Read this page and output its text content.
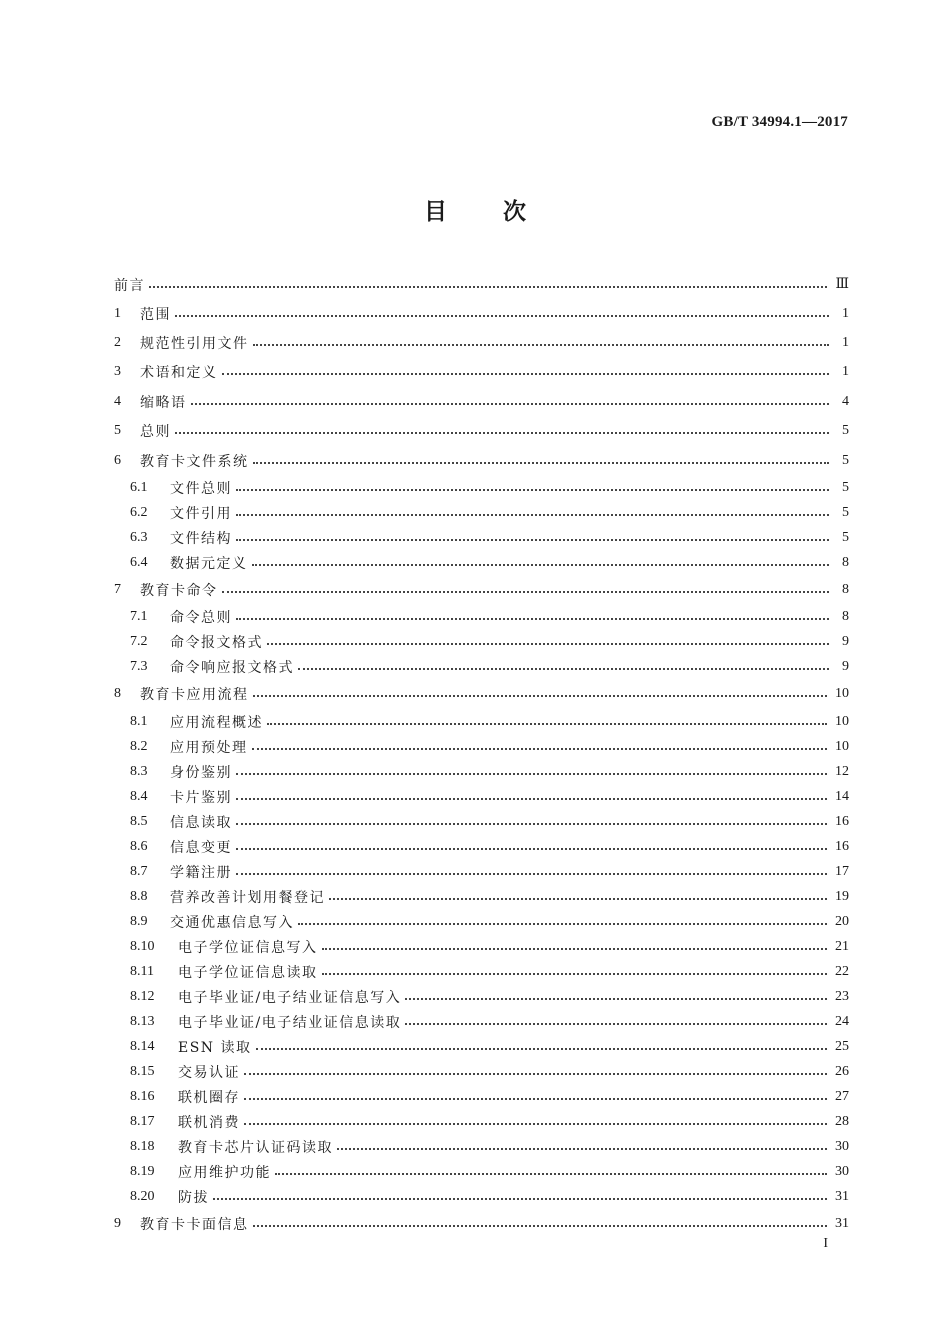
GB/T 34994.1—2017
目 次
前言	Ⅲ
1	范围	1
2	规范性引用文件	1
3	术语和定义	1
4	缩略语	4
5	总则	5
6	教育卡文件系统	5
6.1	文件总则	5
6.2	文件引用	5
6.3	文件结构	5
6.4	数据元定义	8
7	教育卡命令	8
7.1	命令总则	8
7.2	命令报文格式	9
7.3	命令响应报文格式	9
8	教育卡应用流程	10
8.1	应用流程概述	10
8.2	应用预处理	10
8.3	身份鉴别	12
8.4	卡片鉴别	14
8.5	信息读取	16
8.6	信息变更	16
8.7	学籍注册	17
8.8	营养改善计划用餐登记	19
8.9	交通优惠信息写入	20
8.10	电子学位证信息写入	21
8.11	电子学位证信息读取	22
8.12	电子毕业证/电子结业证信息写入	23
8.13	电子毕业证/电子结业证信息读取	24
8.14	ESN 读取	25
8.15	交易认证	26
8.16	联机圈存	27
8.17	联机消费	28
8.18	教育卡芯片认证码读取	30
8.19	应用维护功能	30
8.20	防拔	31
9	教育卡卡面信息	31
I
